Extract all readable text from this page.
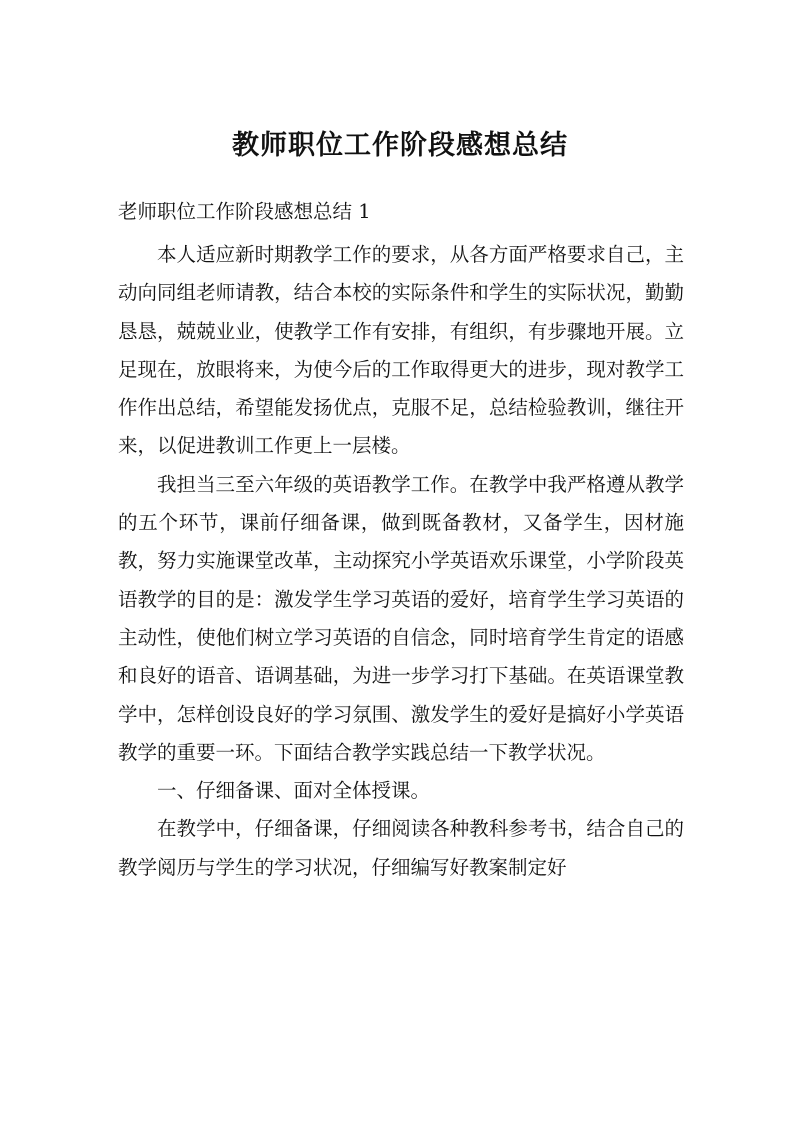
教师职位工作阶段感想总结
老师职位工作阶段感想总结 1

本人适应新时期教学工作的要求，从各方面严格要求自己，主动向同组老师请教，结合本校的实际条件和学生的实际状况，勤勤恳恳，兢兢业业，使教学工作有安排，有组织，有步骤地开展。立足现在，放眼将来，为使今后的工作取得更大的进步，现对教学工作作出总结，希望能发扬优点，克服不足，总结检验教训，继往开来，以促进教训工作更上一层楼。

我担当三至六年级的英语教学工作。在教学中我严格遵从教学的五个环节，课前仔细备课，做到既备教材，又备学生，因材施教，努力实施课堂改革，主动探究小学英语欢乐课堂，小学阶段英语教学的目的是：激发学生学习英语的爱好，培育学生学习英语的主动性，使他们树立学习英语的自信念，同时培育学生肯定的语感和良好的语音、语调基础，为进一步学习打下基础。在英语课堂教学中，怎样创设良好的学习氛围、激发学生的爱好是搞好小学英语教学的重要一环。下面结合教学实践总结一下教学状况。

一、仔细备课、面对全体授课。

在教学中，仔细备课，仔细阅读各种教科参考书，结合自己的教学阅历与学生的学习状况，仔细编写好教案制定好
